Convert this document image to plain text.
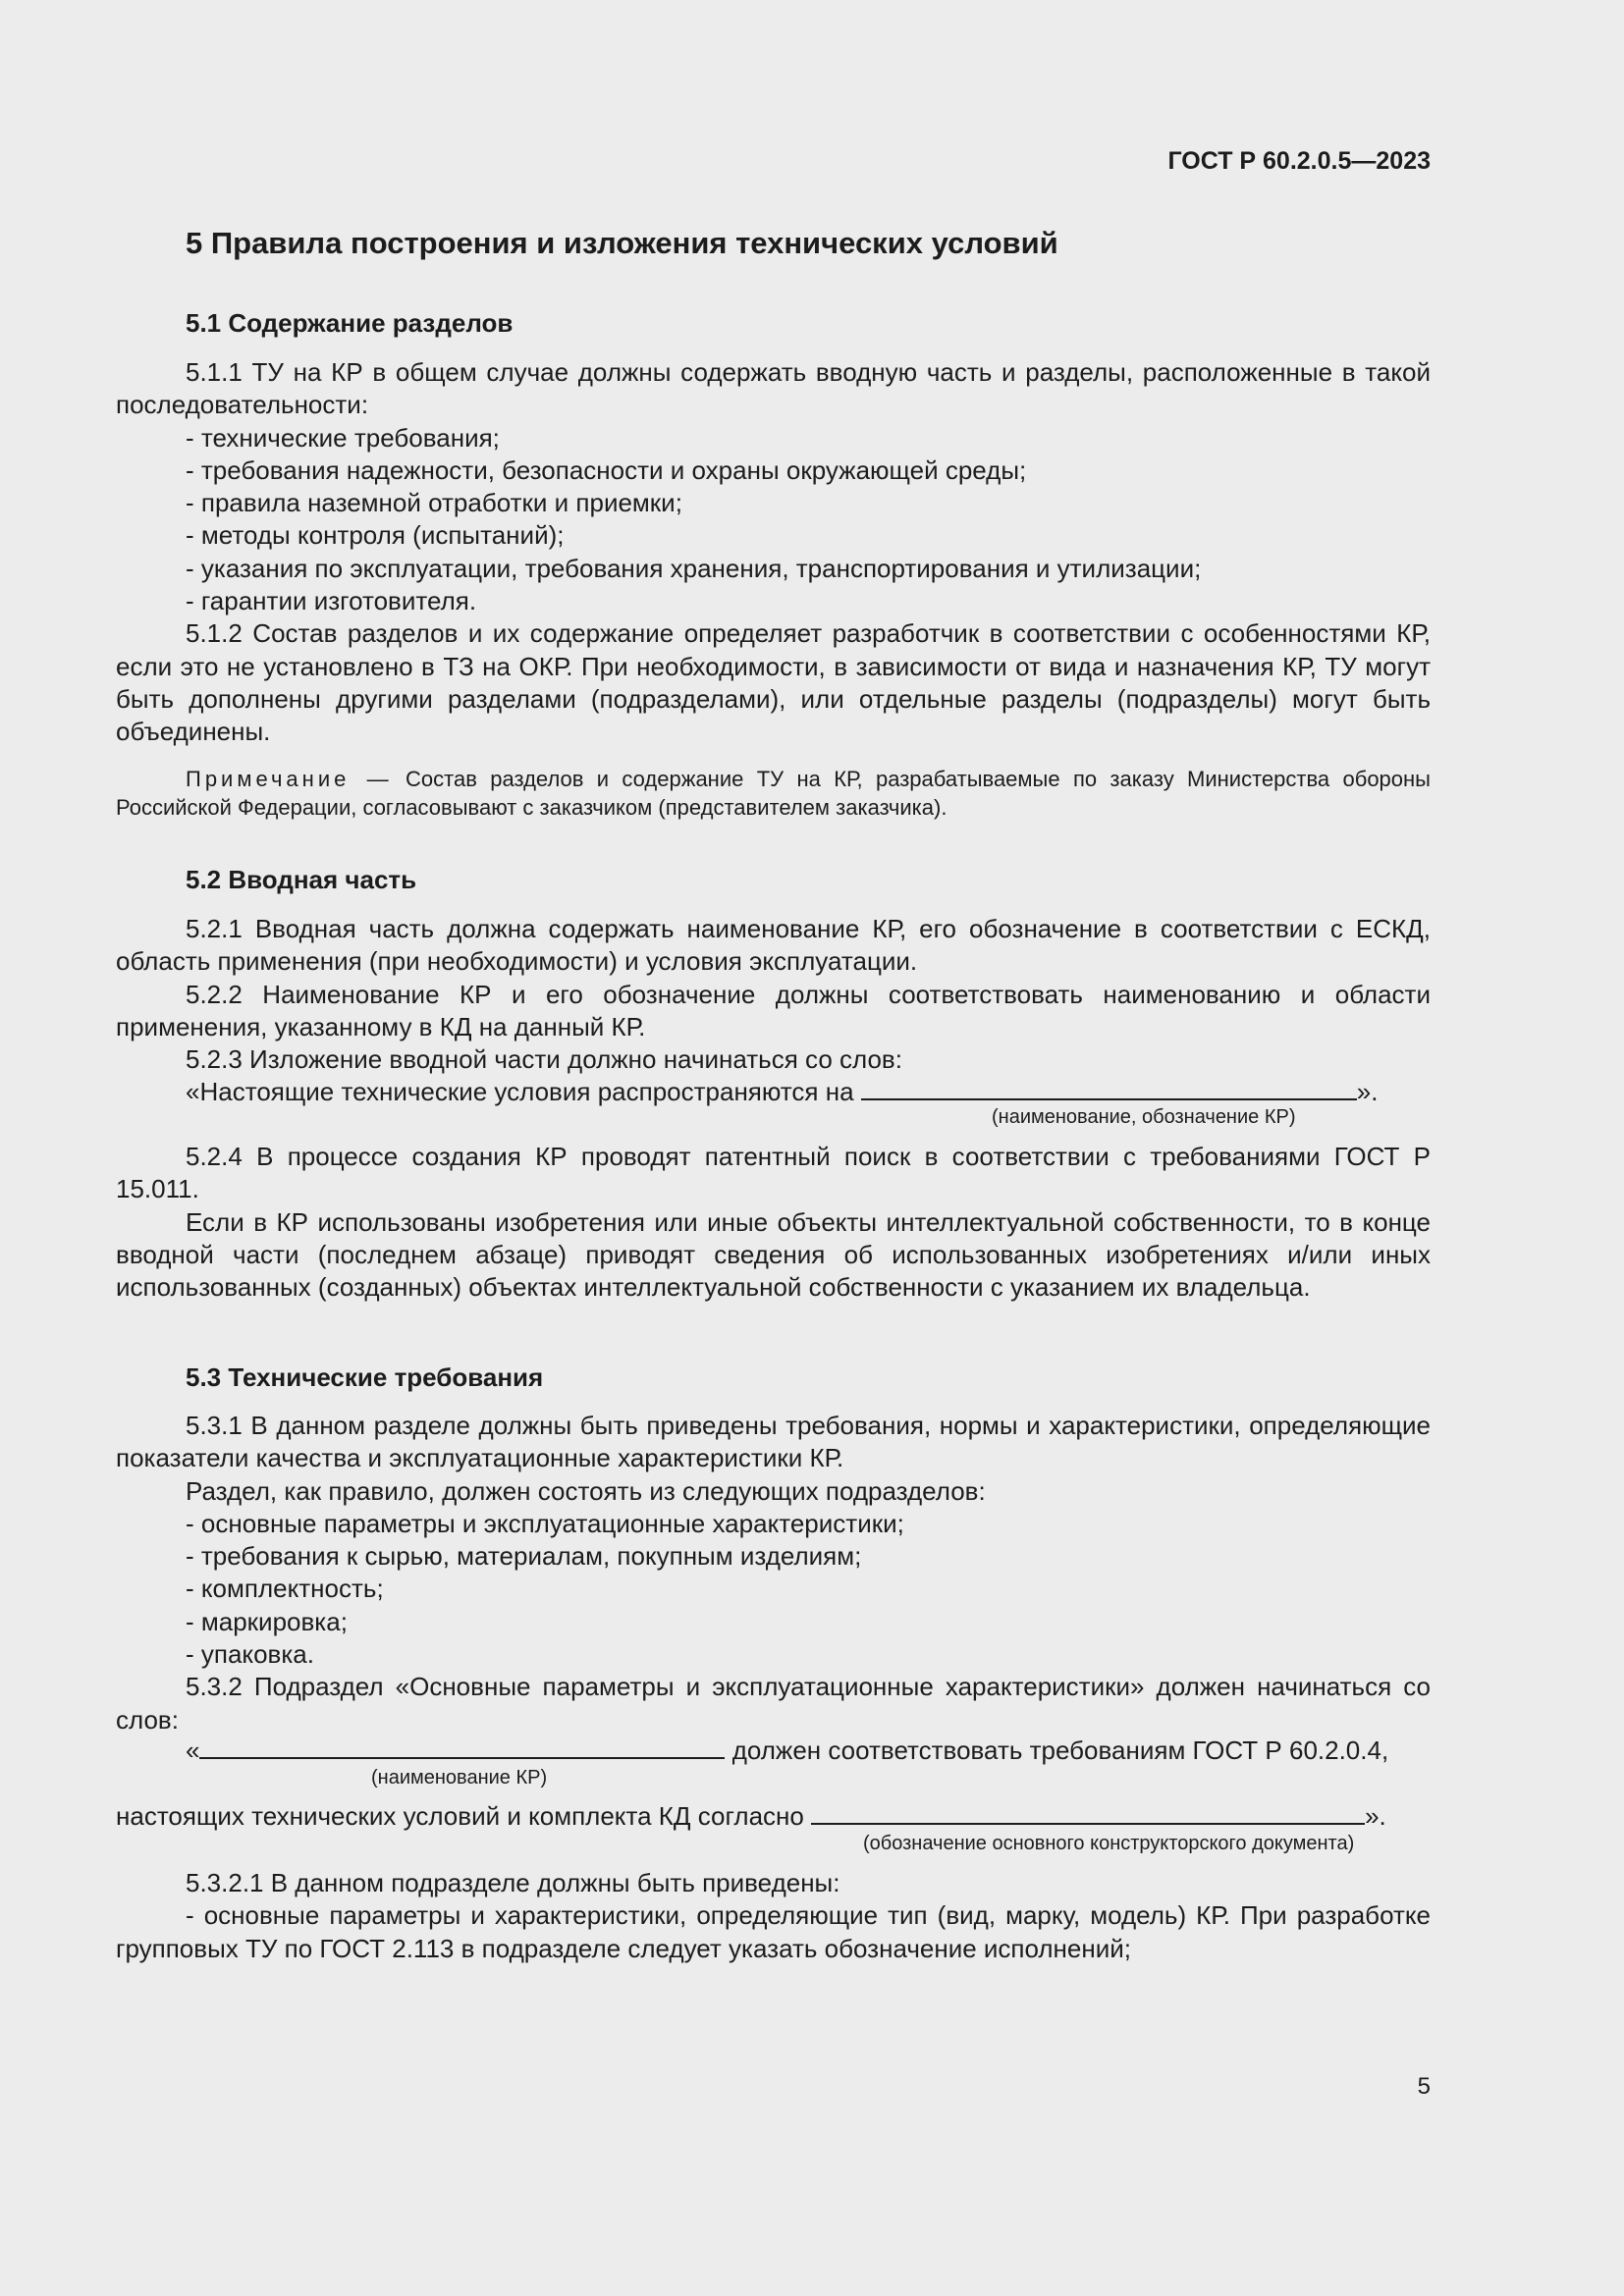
ГОСТ Р 60.2.0.5—2023
5 Правила построения и изложения технических условий
5.1 Содержание разделов
5.1.1 ТУ на КР в общем случае должны содержать вводную часть и разделы, расположенные в такой последовательности:
- технические требования;
- требования надежности, безопасности и охраны окружающей среды;
- правила наземной отработки и приемки;
- методы контроля (испытаний);
- указания по эксплуатации, требования хранения, транспортирования и утилизации;
- гарантии изготовителя.
5.1.2 Состав разделов и их содержание определяет разработчик в соответствии с особенностями КР, если это не установлено в ТЗ на ОКР. При необходимости, в зависимости от вида и назначения КР, ТУ могут быть дополнены другими разделами (подразделами), или отдельные разделы (подразделы) могут быть объединены.
Примечание — Состав разделов и содержание ТУ на КР, разрабатываемые по заказу Министерства обороны Российской Федерации, согласовывают с заказчиком (представителем заказчика).
5.2 Вводная часть
5.2.1 Вводная часть должна содержать наименование КР, его обозначение в соответствии с ЕСКД, область применения (при необходимости) и условия эксплуатации.
5.2.2 Наименование КР и его обозначение должны соответствовать наименованию и области применения, указанному в КД на данный КР.
5.2.3 Изложение вводной части должно начинаться со слов:
«Настоящие технические условия распространяются на	».
(наименование, обозначение КР)
5.2.4 В процессе создания КР проводят патентный поиск в соответствии с требованиями ГОСТ Р 15.011.
Если в КР использованы изобретения или иные объекты интеллектуальной собственности, то в конце вводной части (последнем абзаце) приводят сведения об использованных изобретениях и/или иных использованных (созданных) объектах интеллектуальной собственности с указанием их владельца.
5.3 Технические требования
5.3.1 В данном разделе должны быть приведены требования, нормы и характеристики, определяющие показатели качества и эксплуатационные характеристики КР.
Раздел, как правило, должен состоять из следующих подразделов:
- основные параметры и эксплуатационные характеристики;
- требования к сырью, материалам, покупным изделиям;
- комплектность;
- маркировка;
- упаковка.
5.3.2 Подраздел «Основные параметры и эксплуатационные характеристики» должен начинаться со слов:
«	должен соответствовать требованиям ГОСТ Р 60.2.0.4,
(наименование КР)
настоящих технических условий и комплекта КД согласно	».
(обозначение основного конструкторского документа)
5.3.2.1 В данном подразделе должны быть приведены:
- основные параметры и характеристики, определяющие тип (вид, марку, модель) КР. При разработке групповых ТУ по ГОСТ 2.113 в подразделе следует указать обозначение исполнений;
5
